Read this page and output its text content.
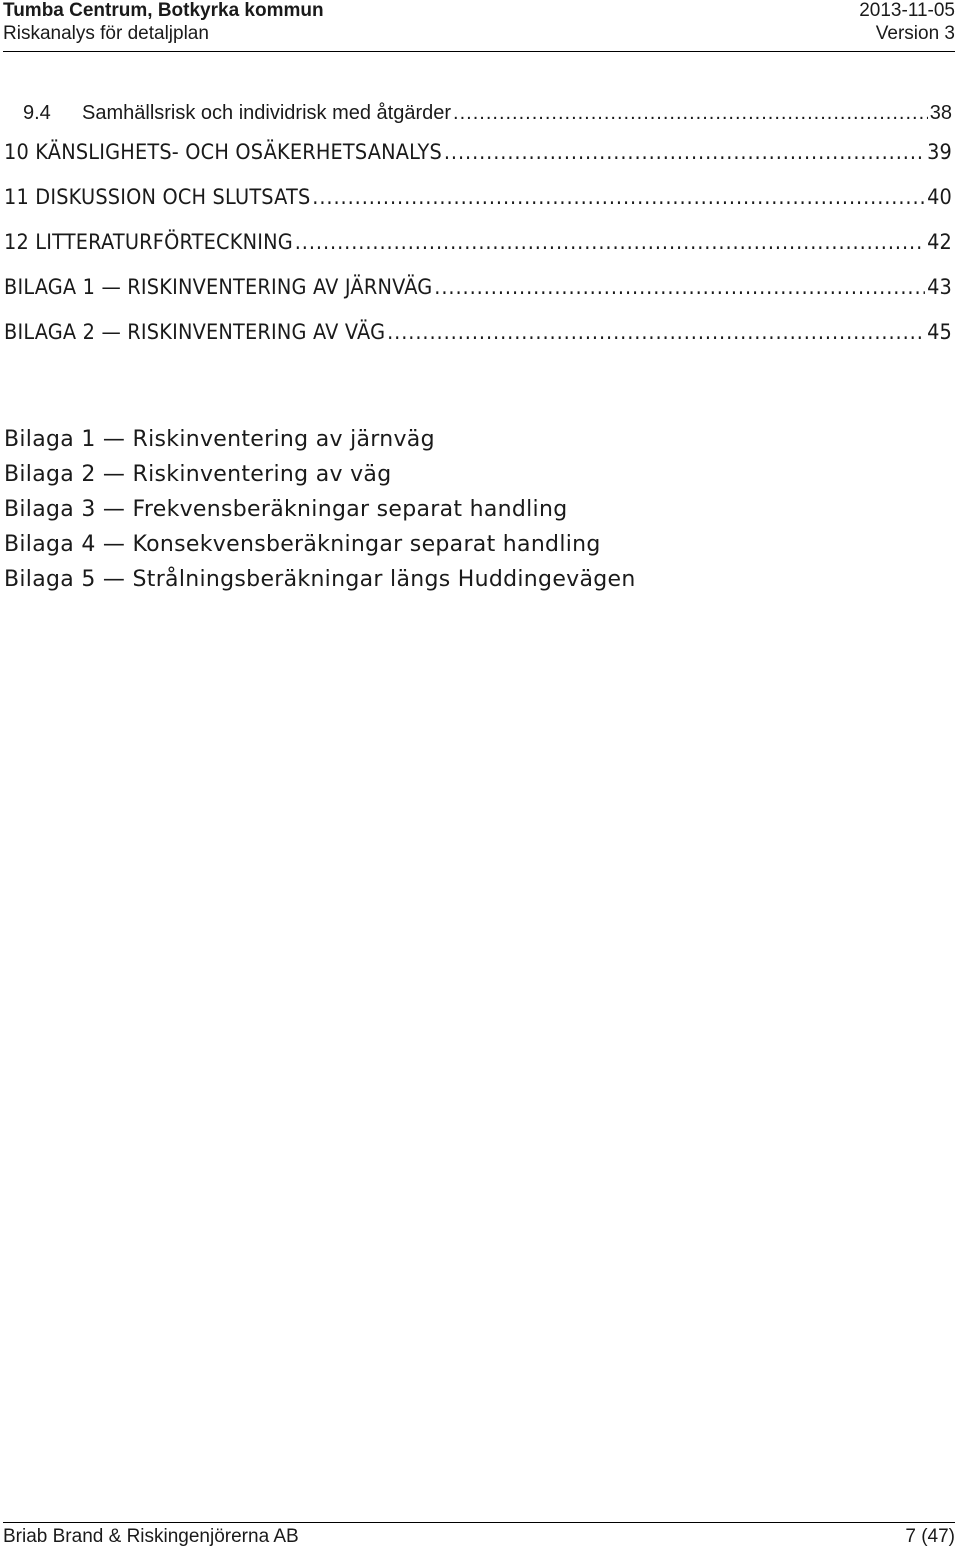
Tumba Centrum, Botkyrka kommun	2013-11-05
Riskanalys för detaljplan	Version 3
9.4 Samhällsrisk och individrisk med åtgärder .....	38
10 KÄNSLIGHETS- OCH OSÄKERHETSANALYS .....	39
11 DISKUSSION OCH SLUTSATS .....	40
12 LITTERATURFÖRTECKNING .....	42
BILAGA 1 — RISKINVENTERING AV JÄRNVÄG .....	43
BILAGA 2 — RISKINVENTERING AV VÄG .....	45
Bilaga 1 — Riskinventering av järnväg
Bilaga 2 — Riskinventering av väg
Bilaga 3 — Frekvensberäkningar separat handling
Bilaga 4 — Konsekvensberäkningar separat handling
Bilaga 5 — Strålningsberäkningar längs Huddingevägen
Briab Brand & Riskingenjörerna AB	7 (47)
